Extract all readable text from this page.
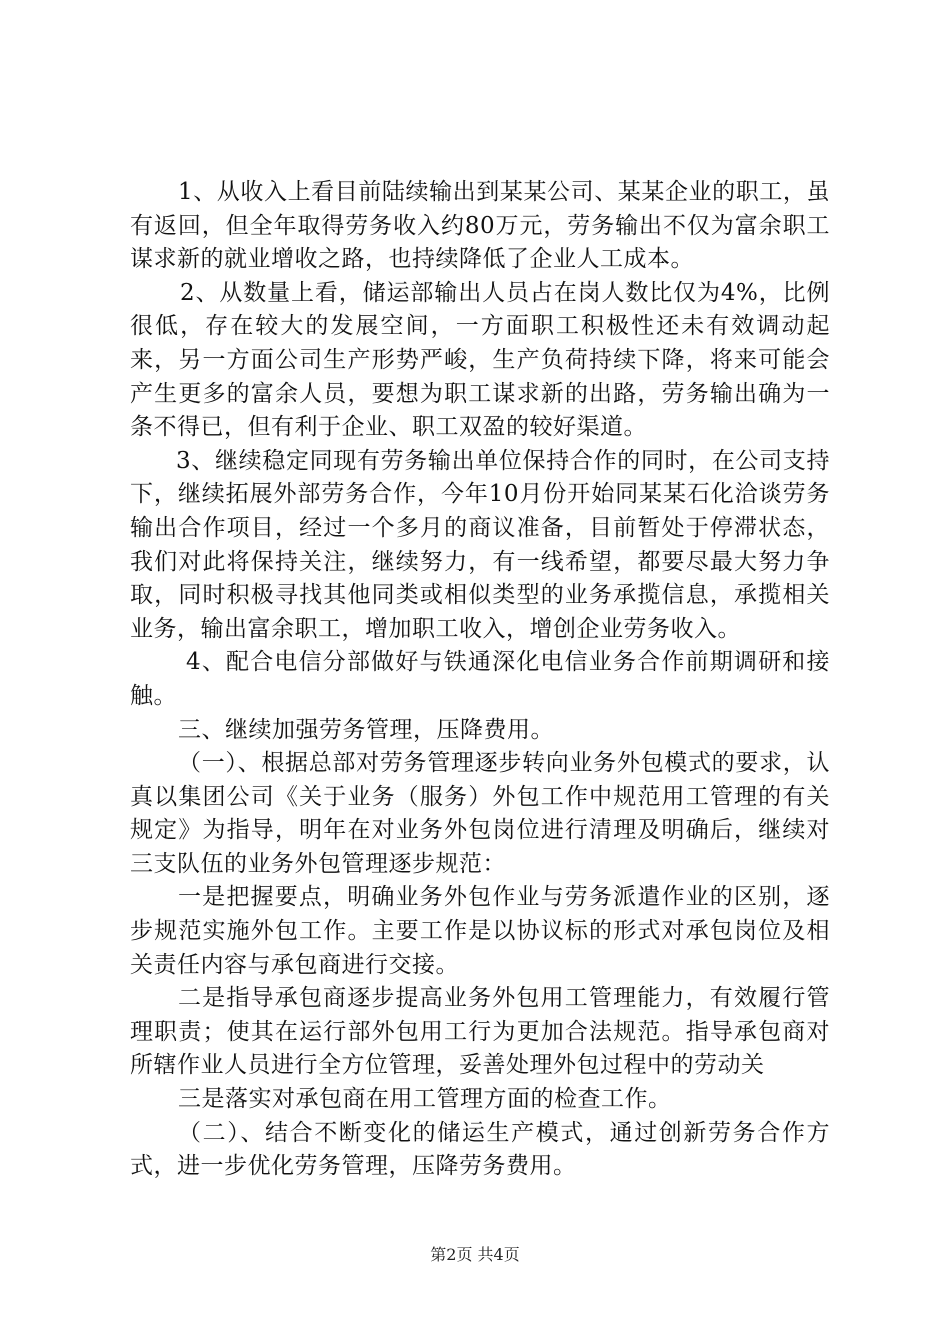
1、从收入上看目前陆续输出到某某公司、某某企业的职工，虽有返回，但全年取得劳务收入约80万元，劳务输出不仅为富余职工谋求新的就业增收之路，也持续降低了企业人工成本。

2、从数量上看，储运部输出人员占在岗人数比仅为4%，比例很低，存在较大的发展空间，一方面职工积极性还未有效调动起来，另一方面公司生产形势严峻，生产负荷持续下降，将来可能会产生更多的富余人员，要想为职工谋求新的出路，劳务输出确为一条不得已，但有利于企业、职工双盈的较好渠道。

3、继续稳定同现有劳务输出单位保持合作的同时，在公司支持下，继续拓展外部劳务合作，今年10月份开始同某某石化洽谈劳务输出合作项目，经过一个多月的商议准备，目前暂处于停滞状态，我们对此将保持关注，继续努力，有一线希望，都要尽最大努力争取，同时积极寻找其他同类或相似类型的业务承揽信息，承揽相关业务，输出富余职工，增加职工收入，增创企业劳务收入。

4、配合电信分部做好与铁通深化电信业务合作前期调研和接触。

三、继续加强劳务管理，压降费用。

（一）、根据总部对劳务管理逐步转向业务外包模式的要求，认真以集团公司《关于业务（服务）外包工作中规范用工管理的有关规定》为指导，明年在对业务外包岗位进行清理及明确后，继续对三支队伍的业务外包管理逐步规范：

一是把握要点，明确业务外包作业与劳务派遣作业的区别，逐步规范实施外包工作。主要工作是以协议标的形式对承包岗位及相关责任内容与承包商进行交接。

二是指导承包商逐步提高业务外包用工管理能力，有效履行管理职责；使其在运行部外包用工行为更加合法规范。指导承包商对所辖作业人员进行全方位管理，妥善处理外包过程中的劳动关

三是落实对承包商在用工管理方面的检查工作。

（二）、结合不断变化的储运生产模式，通过创新劳务合作方式，进一步优化劳务管理，压降劳务费用。

第2页 共4页
